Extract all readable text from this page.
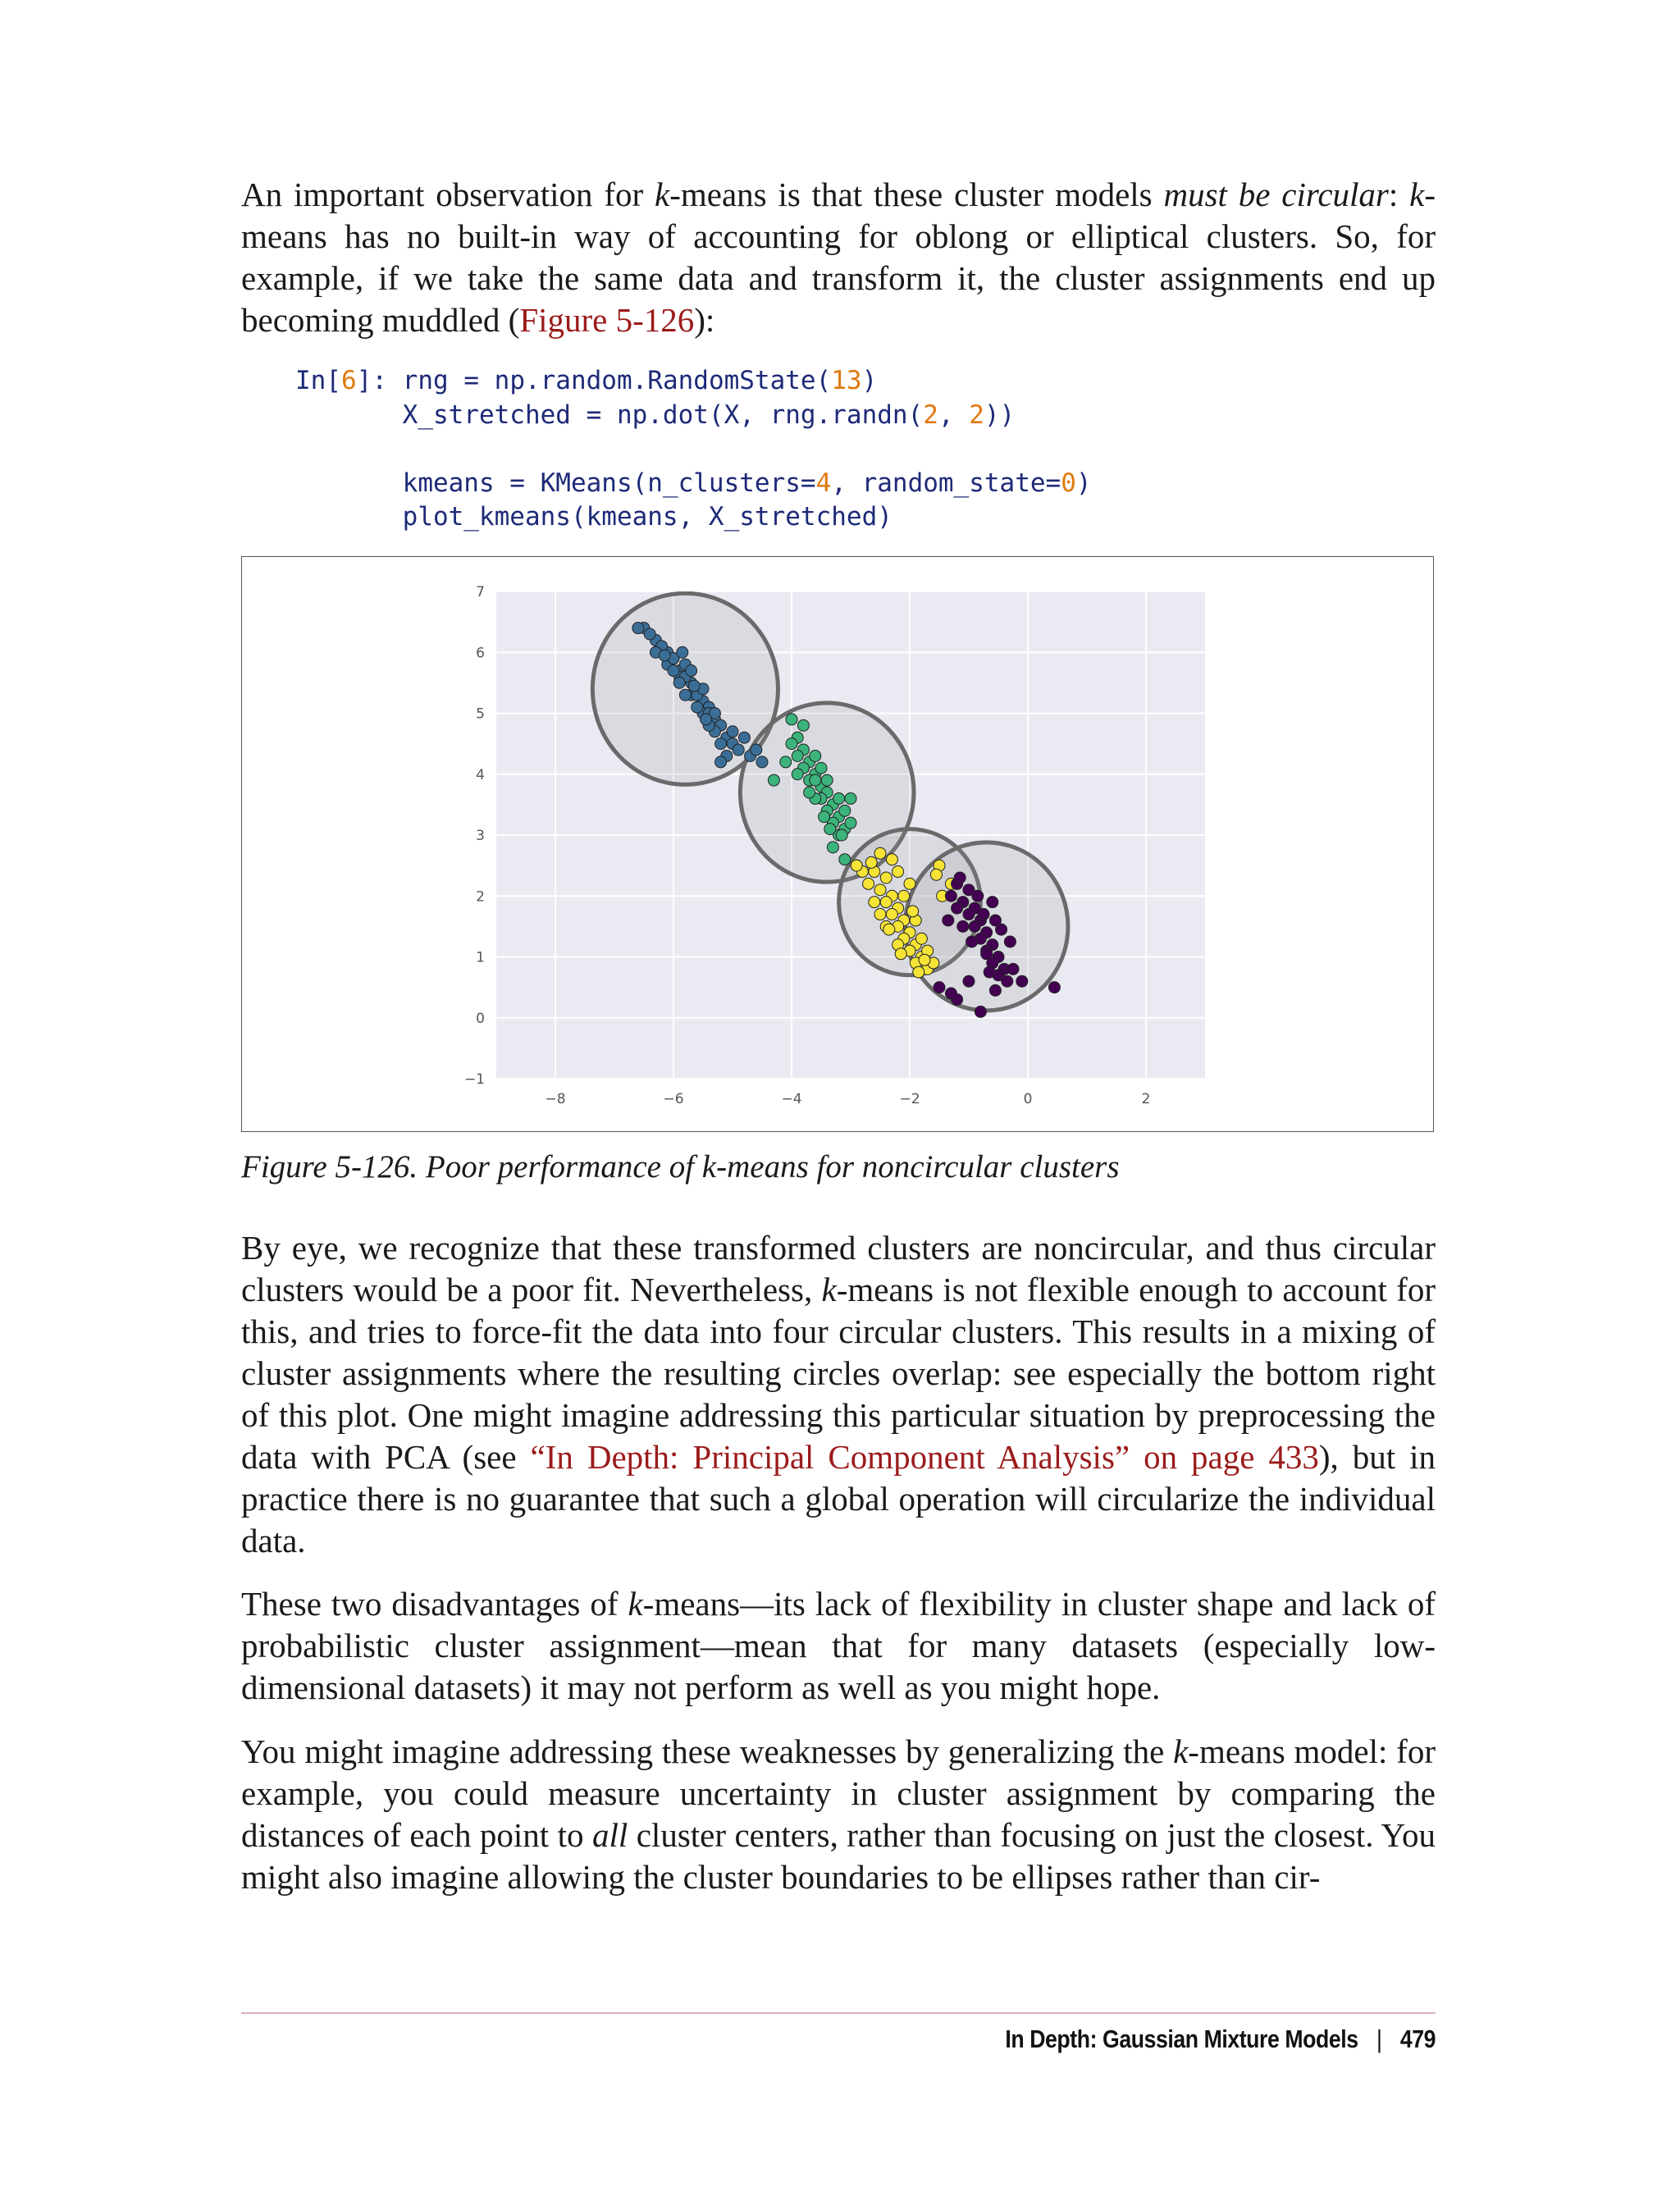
An important observation for k-means is that these cluster models must be circular: k-means has no built-in way of accounting for oblong or elliptical clusters. So, for example, if we take the same data and transform it, the cluster assignments end up becoming muddled (Figure 5-126):

In[6]: rng = np.random.RandomState(13)
X_stretched = np.dot(X, rng.randn(2, 2))

kmeans = KMeans(n_clusters=4, random_state=0)
plot_kmeans(kmeans, X_stretched)
−8	−6	−4	−2	0	2
−1
0
1
2
3
4
5
6
7

Figure 5-126. Poor performance of k-means for noncircular clusters

By eye, we recognize that these transformed clusters are noncircular, and thus circular clusters would be a poor fit. Nevertheless, k-means is not flexible enough to account for this, and tries to force-fit the data into four circular clusters. This results in a mixing of cluster assignments where the resulting circles overlap: see especially the bottom right of this plot. One might imagine addressing this particular situation by preprocessing the data with PCA (see “In Depth: Principal Component Analysis” on page 433), but in practice there is no guarantee that such a global operation will circularize the individual data.

These two disadvantages of k-means—its lack of flexibility in cluster shape and lack of probabilistic cluster assignment—mean that for many datasets (especially low-dimensional datasets) it may not perform as well as you might hope.

You might imagine addressing these weaknesses by generalizing the k-means model: for example, you could measure uncertainty in cluster assignment by comparing the distances of each point to all cluster centers, rather than focusing on just the closest. You might also imagine allowing the cluster boundaries to be ellipses rather than cir-

In Depth: Gaussian Mixture Models | 479
